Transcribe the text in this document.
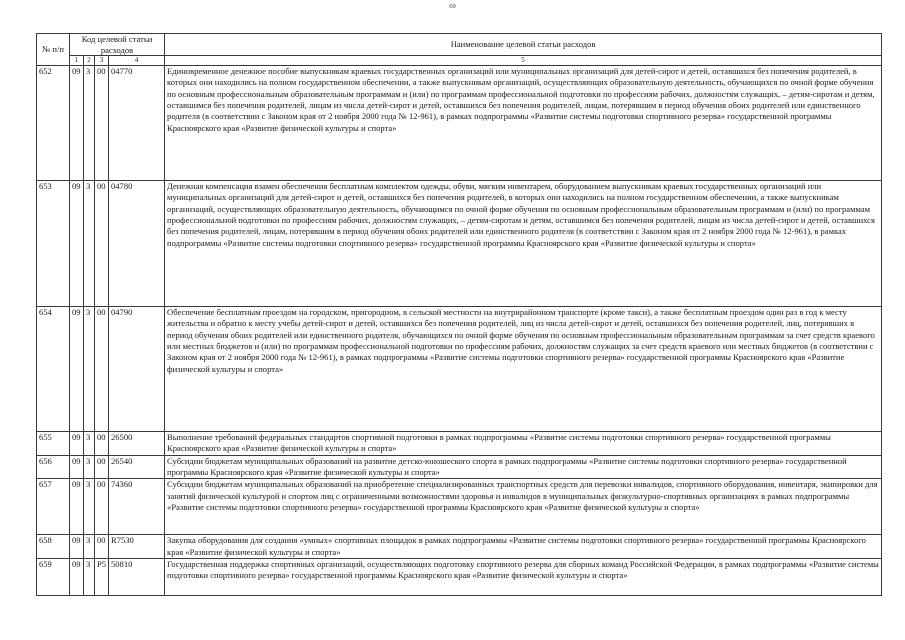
69
№ п/п	Код целевой статьи расходов				Наименование целевой статьи расходов
	1	2	3	4	5
652	09	3	00	04770	Единовременное денежное пособие выпускникам краевых государственных организаций или муниципальных организаций для детей-сирот и детей, оставшихся без попечения родителей, в которых они находились на полном государственном обеспечении, а также выпускникам организаций, осуществляющих образовательную деятельность, обучающихся по очной форме обучения по основным профессиональным образовательным программам и (или) по программам профессиональной подготовки по профессиям рабочих, должностям служащих, – детям-сиротам и детям, оставшимся без попечения родителей, лицам из числа детей-сирот и детей, оставшихся без попечения родителей, лицам, потерявшим в период обучения обоих родителей или единственного родителя (в соответствии с Законом края от 2 ноября 2000 года № 12-961), в рамках подпрограммы «Развитие системы подготовки спортивного резерва» государственной программы Красноярского края «Развитие физической культуры и спорта»
653	09	3	00	04780	Денежная компенсация взамен обеспечения бесплатным комплектом одежды, обуви, мягким инвентарем, оборудованием выпускникам краевых государственных организаций или муниципальных организаций для детей-сирот и детей, оставшихся без попечения родителей, в которых они находились на полном государственном обеспечении, а также выпускникам организаций, осуществляющих образовательную деятельность, обучающимся по очной форме обучения по основным профессиональным образовательным программам и (или) по программам профессиональной подготовки по профессиям рабочих, должностям служащих, – детям-сиротам и детям, оставшимся без попечения родителей, лицам из числа детей-сирот и детей, оставшихся без попечения родителей, лицам, потерявшим в период обучения обоих родителей или единственного родителя (в соответствии с Законом края от 2 ноября 2000 года № 12-961), в рамках подпрограммы «Развитие системы подготовки спортивного резерва» государственной программы Красноярского края «Развитие физической культуры и спорта»
654	09	3	00	04790	Обеспечение бесплатным проездом на городском, пригородном, в сельской местности на внутрирайонном транспорте (кроме такси), а также бесплатным проездом один раз в год к месту жительства и обратно к месту учебы детей-сирот и детей, оставшихся без попечения родителей, лиц из числа детей-сирот и детей, оставшихся без попечения родителей, лиц, потерявших в период обучения обоих родителей или единственного родителя, обучающихся по очной форме обучения по основным профессиональным образовательным программам за счет средств краевого или местных бюджетов и (или) по программам профессиональной подготовки по профессиям рабочих, должностям служащих за счет средств краевого или местных бюджетов (в соответствии с Законом края от 2 ноября 2000 года № 12-961), в рамках подпрограммы «Развитие системы подготовки спортивного резерва» государственной программы Красноярского края «Развитие физической культуры и спорта»
655	09	3	00	26500	Выполнение требований федеральных стандартов спортивной подготовки в рамках подпрограммы «Развитие системы подготовки спортивного резерва» государственной программы Красноярского края «Развитие физической культуры и спорта»
656	09	3	00	26540	Субсидии бюджетам муниципальных образований на развитие детско-юношеского спорта в рамках подпрограммы «Развитие системы подготовки спортивного резерва» государственной программы Красноярского края «Развитие физической культуры и спорта»
657	09	3	00	74360	Субсидии бюджетам муниципальных образований на приобретение специализированных транспортных средств для перевозки инвалидов, спортивного оборудования, инвентаря, экипировки для занятий физической культурой и спортом лиц с ограниченными возможностями здоровья и инвалидов в муниципальных физкультурно-спортивных организациях в рамках подпрограммы «Развитие системы подготовки спортивного резерва» государственной программы Красноярского края «Развитие физической культуры и спорта»
658	09	3	00	R7530	Закупка оборудования для создания «умных» спортивных площадок в рамках подпрограммы «Развитие системы подготовки спортивного резерва» государственной программы Красноярского края «Развитие физической культуры и спорта»
659	09	3	P5	50810	Государственная поддержка спортивных организаций, осуществляющих подготовку спортивного резерва для сборных команд Российской Федерации, в рамках подпрограммы «Развитие системы подготовки спортивного резерва» государственной программы Красноярского края «Развитие физической культуры и спорта»
